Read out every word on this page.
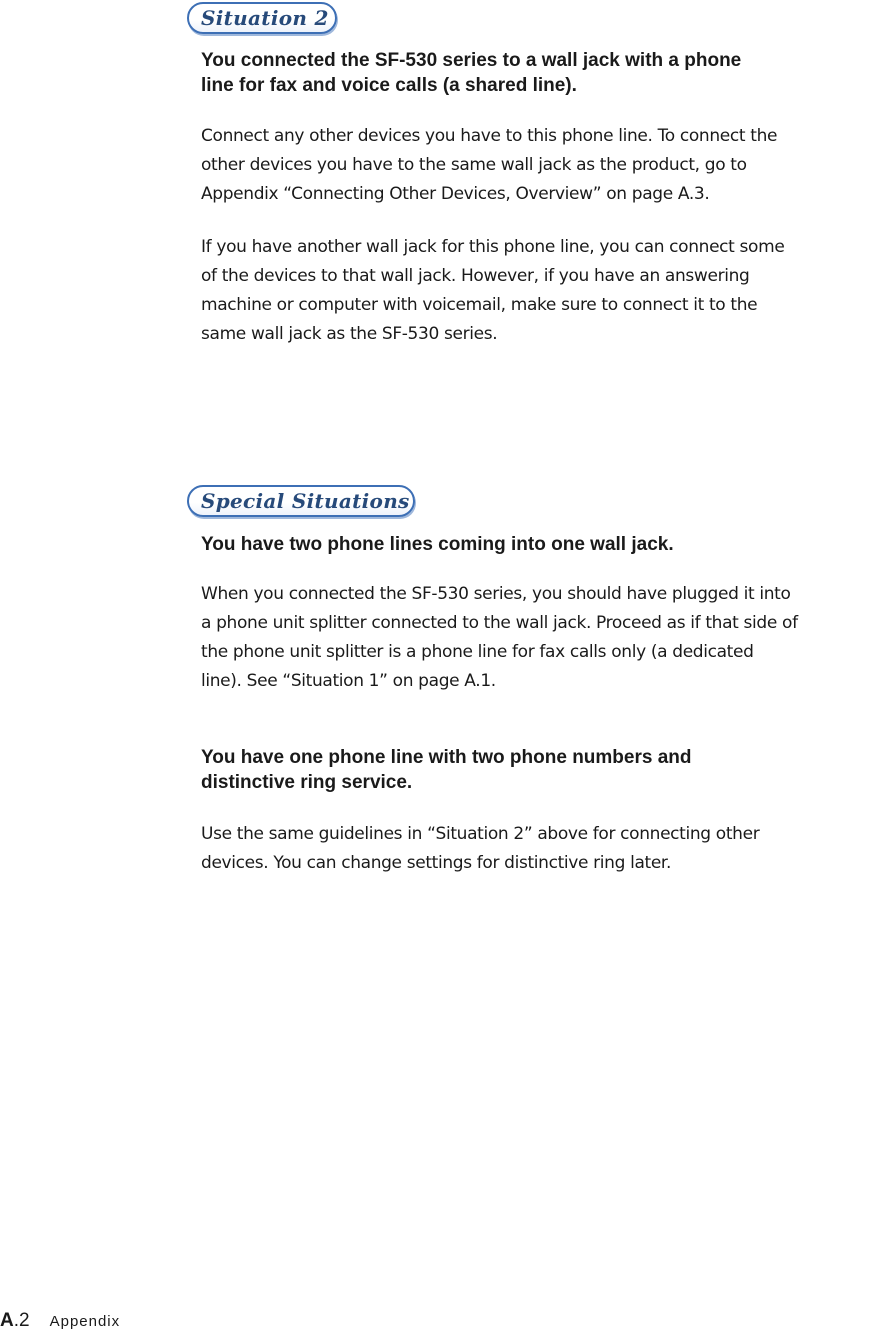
Situation 2
You connected the SF-530 series to a wall jack with a phone
line for fax and voice calls (a shared line).
Connect any other devices you have to this phone line. To connect the
other devices you have to the same wall jack as the product, go to
Appendix “Connecting Other Devices, Overview” on page A.3.
If you have another wall jack for this phone line, you can connect some
of the devices to that wall jack. However, if you have an answering
machine or computer with voicemail, make sure to connect it to the
same wall jack as the SF-530 series.
Special Situations
You have two phone lines coming into one wall jack.
When you connected the SF-530 series, you should have plugged it into
a phone unit splitter connected to the wall jack. Proceed as if that side of
the phone unit splitter is a phone line for fax calls only (a dedicated
line). See “Situation 1” on page A.1.
You have one phone line with two phone numbers and
distinctive ring service.
Use the same guidelines in “Situation 2” above for connecting other
devices. You can change settings for distinctive ring later.
A .2 Appendix
